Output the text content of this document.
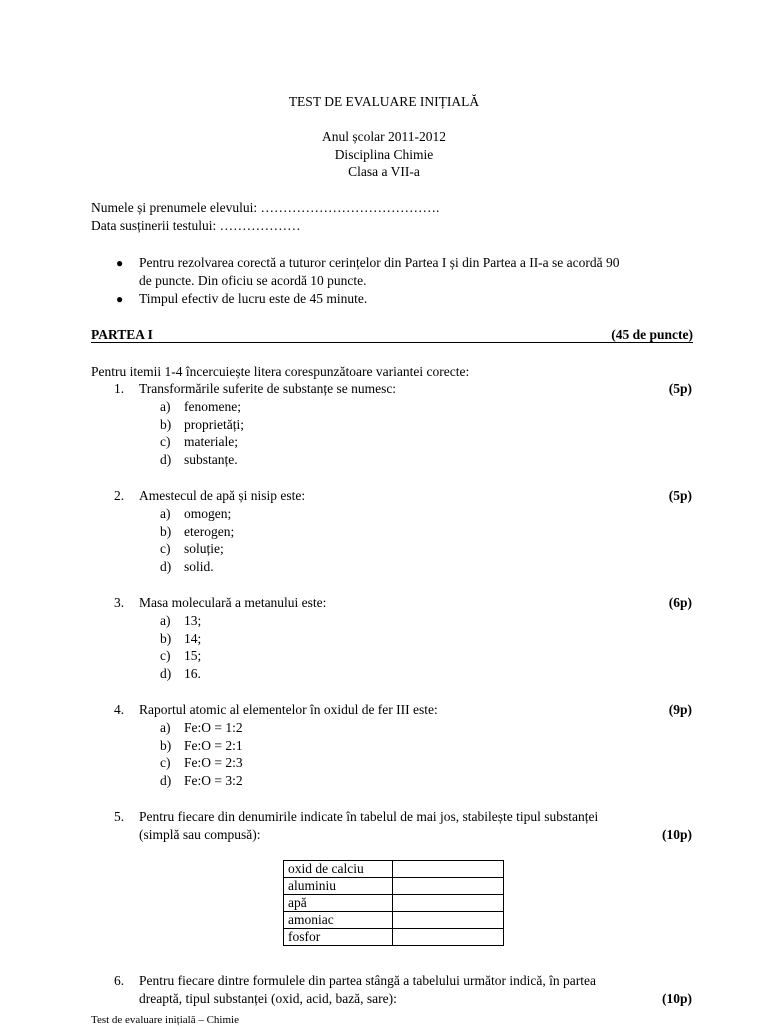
TEST DE EVALUARE INIȚIALĂ
Anul școlar 2011-2012
Disciplina Chimie
Clasa a VII-a
Numele și prenumele elevului: ………………………………….
Data susținerii testului: ………………
● Pentru rezolvarea corectă a tuturor cerințelor din Partea I și din Partea a II-a se acordă 90
de puncte. Din oficiu se acordă 10 puncte.
● Timpul efectiv de lucru este de 45 minute.
PARTEA I	(45 de puncte)
Pentru itemii 1-4 încercuiește litera corespunzătoare variantei corecte:
1. Transformările suferite de substanțe se numesc:	(5p)
a) fenomene;
b) proprietăți;
c) materiale;
d) substanțe.
2. Amestecul de apă și nisip este:	(5p)
a) omogen;
b) eterogen;
c) soluție;
d) solid.
3. Masa moleculară a metanului este:	(6p)
a) 13;
b) 14;
c) 15;
d) 16.
4. Raportul atomic al elementelor în oxidul de fer III este:	(9p)
a) Fe:O = 1:2
b) Fe:O = 2:1
c) Fe:O = 2:3
d) Fe:O = 3:2
5. Pentru fiecare din denumirile indicate în tabelul de mai jos, stabilește tipul substanței
(simplă sau compusă):	(10p)
oxid de calciu	
aluminiu	
apă	
amoniac	
fosfor	
6. Pentru fiecare dintre formulele din partea stângă a tabelului următor indică, în partea
dreaptă, tipul substanței (oxid, acid, bază, sare):	(10p)
Test de evaluare inițială – Chimie
